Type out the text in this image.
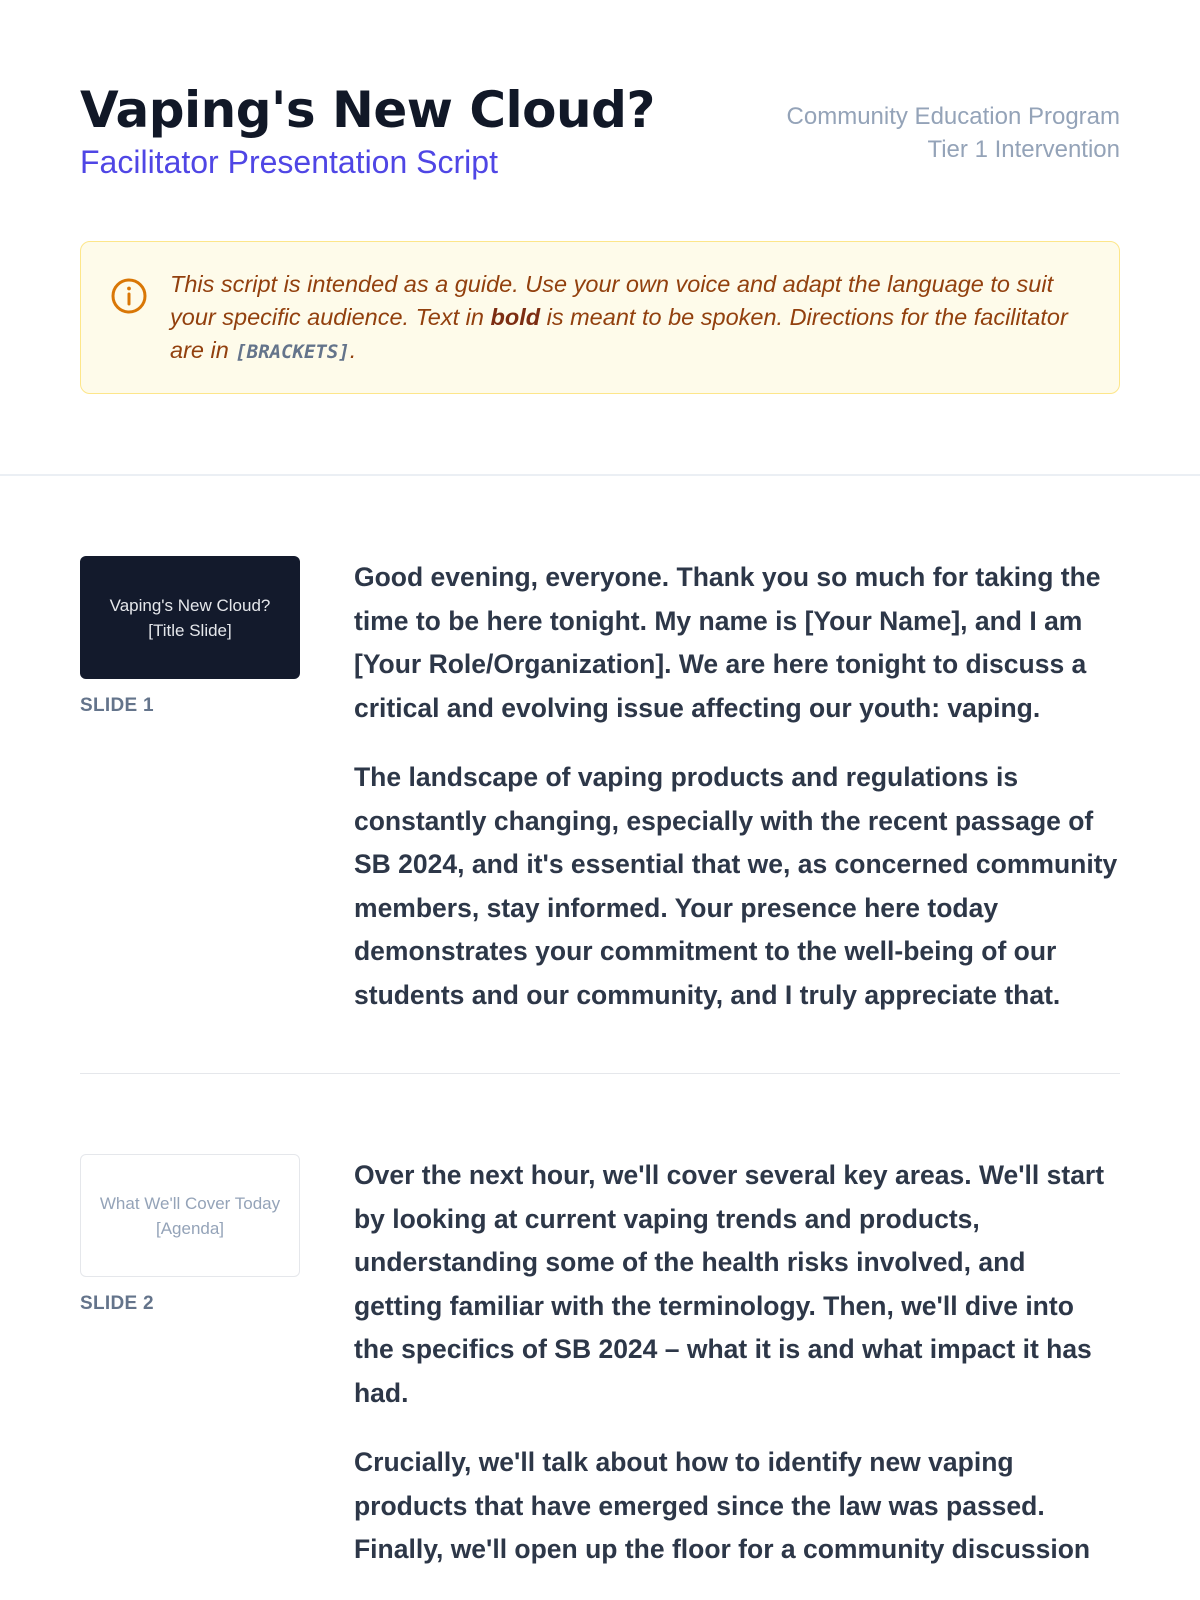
Vaping's New Cloud?
Facilitator Presentation Script
Community Education Program
Tier 1 Intervention
This script is intended as a guide. Use your own voice and adapt the language to suit your specific audience. Text in bold is meant to be spoken. Directions for the facilitator are in [BRACKETS].
Vaping's New Cloud?
[Title Slide]
SLIDE 1

Good evening, everyone. Thank you so much for taking the time to be here tonight. My name is [Your Name], and I am [Your Role/Organization]. We are here tonight to discuss a critical and evolving issue affecting our youth: vaping.

The landscape of vaping products and regulations is constantly changing, especially with the recent passage of SB 2024, and it's essential that we, as concerned community members, stay informed. Your presence here today demonstrates your commitment to the well-being of our students and our community, and I truly appreciate that.

What We'll Cover Today
[Agenda]
SLIDE 2

Over the next hour, we'll cover several key areas. We'll start by looking at current vaping trends and products, understanding some of the health risks involved, and getting familiar with the terminology. Then, we'll dive into the specifics of SB 2024 – what it is and what impact it has had.

Crucially, we'll talk about how to identify new vaping products that have emerged since the law was passed. Finally, we'll open up the floor for a community discussion
